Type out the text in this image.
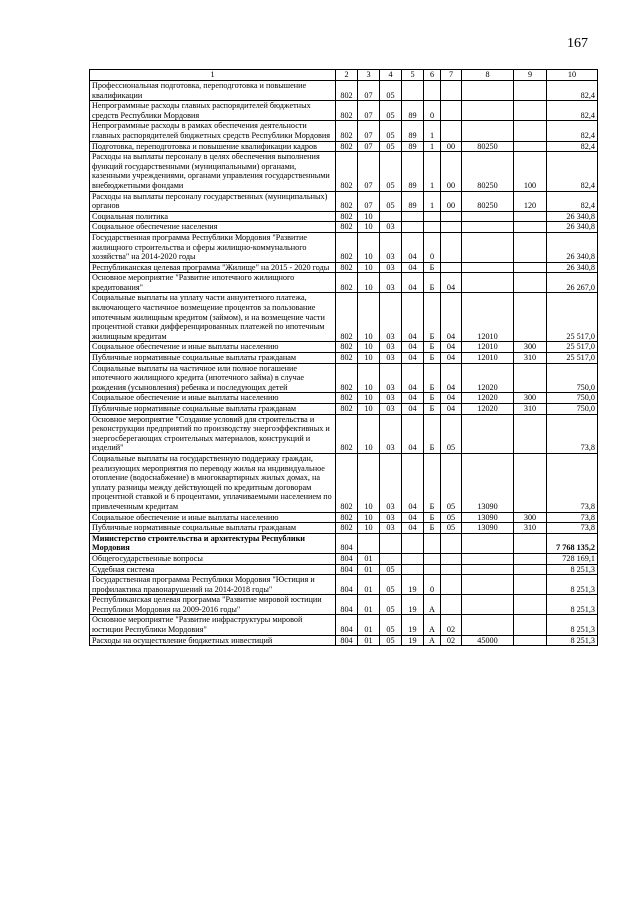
167
1	2	3	4	5	6	7	8	9	10
Профессиональная подготовка, переподготовка и повышение квалификации	802	07	05						82,4
Непрограммные расходы главных распорядителей бюджетных средств Республики Мордовия	802	07	05	89	0				82,4
Непрограммные расходы в рамках обеспечения деятельности главных распорядителей бюджетных средств Республики Мордовия	802	07	05	89	1				82,4
Подготовка, переподготовка и повышение квалификации кадров	802	07	05	89	1	00	80250		82,4
Расходы на выплаты персоналу в целях обеспечения выполнения функций государственными (муниципальными) органами, казенными учреждениями, органами управления государственными внебюджетными фондами	802	07	05	89	1	00	80250	100	82,4
Расходы на выплаты персоналу государственных (муниципальных) органов	802	07	05	89	1	00	80250	120	82,4
Социальная политика	802	10							26 340,8
Социальное обеспечение населения	802	10	03						26 340,8
Государственная программа Республики Мордовия "Развитие жилищного строительства и сферы жилищно-коммунального хозяйства" на 2014-2020 годы	802	10	03	04	0				26 340,8
Республиканская целевая программа "Жилище" на 2015 - 2020 годы	802	10	03	04	Б				26 340,8
Основное мероприятие "Развитие ипотечного жилищного кредитования"	802	10	03	04	Б	04			26 267,0
Социальные выплаты на уплату части аннуитетного платежа, включающего частичное возмещение процентов за пользование ипотечным жилищным кредитом (займом), и на возмещение части процентной ставки дифференцированных платежей по ипотечным жилищным кредитам	802	10	03	04	Б	04	12010		25 517,0
Социальное обеспечение и иные выплаты населению	802	10	03	04	Б	04	12010	300	25 517,0
Публичные нормативные социальные выплаты гражданам	802	10	03	04	Б	04	12010	310	25 517,0
Социальные выплаты на частичное или полное погашение ипотечного жилищного кредита (ипотечного займа) в случае рождения (усыновления) ребенка и последующих детей	802	10	03	04	Б	04	12020		750,0
Социальное обеспечение и иные выплаты населению	802	10	03	04	Б	04	12020	300	750,0
Публичные нормативные социальные выплаты гражданам	802	10	03	04	Б	04	12020	310	750,0
Основное мероприятие "Создание условий для строительства и реконструкции предприятий по производству энергоэффективных и энергосберегающих строительных материалов, конструкций и изделий"	802	10	03	04	Б	05			73,8
Социальные выплаты на государственную поддержку граждан, реализующих мероприятия по переводу жилья на индивидуальное отопление (водоснабжение) в многоквартирных жилых домах, на уплату разницы между действующей по кредитным договорам процентной ставкой и 6 процентами, уплачиваемыми населением по привлеченным кредитам	802	10	03	04	Б	05	13090		73,8
Социальное обеспечение и иные выплаты населению	802	10	03	04	Б	05	13090	300	73,8
Публичные нормативные социальные выплаты гражданам	802	10	03	04	Б	05	13090	310	73,8
Министерство строительства и архитектуры Республики Мордовия	804								7 768 135,2
Общегосударственные вопросы	804	01							728 169,1
Судебная система	804	01	05						8 251,3
Государственная программа Республики Мордовия "Юстиция и профилактика правонарушений на 2014-2018 годы"	804	01	05	19	0				8 251,3
Республиканская целевая программа "Развитие мировой юстиции Республики Мордовия на 2009-2016 годы"	804	01	05	19	А				8 251,3
Основное мероприятие "Развитие инфраструктуры мировой юстиции Республики Мордовия"	804	01	05	19	А	02			8 251,3
Расходы на осуществление бюджетных инвестиций	804	01	05	19	А	02	45000		8 251,3
